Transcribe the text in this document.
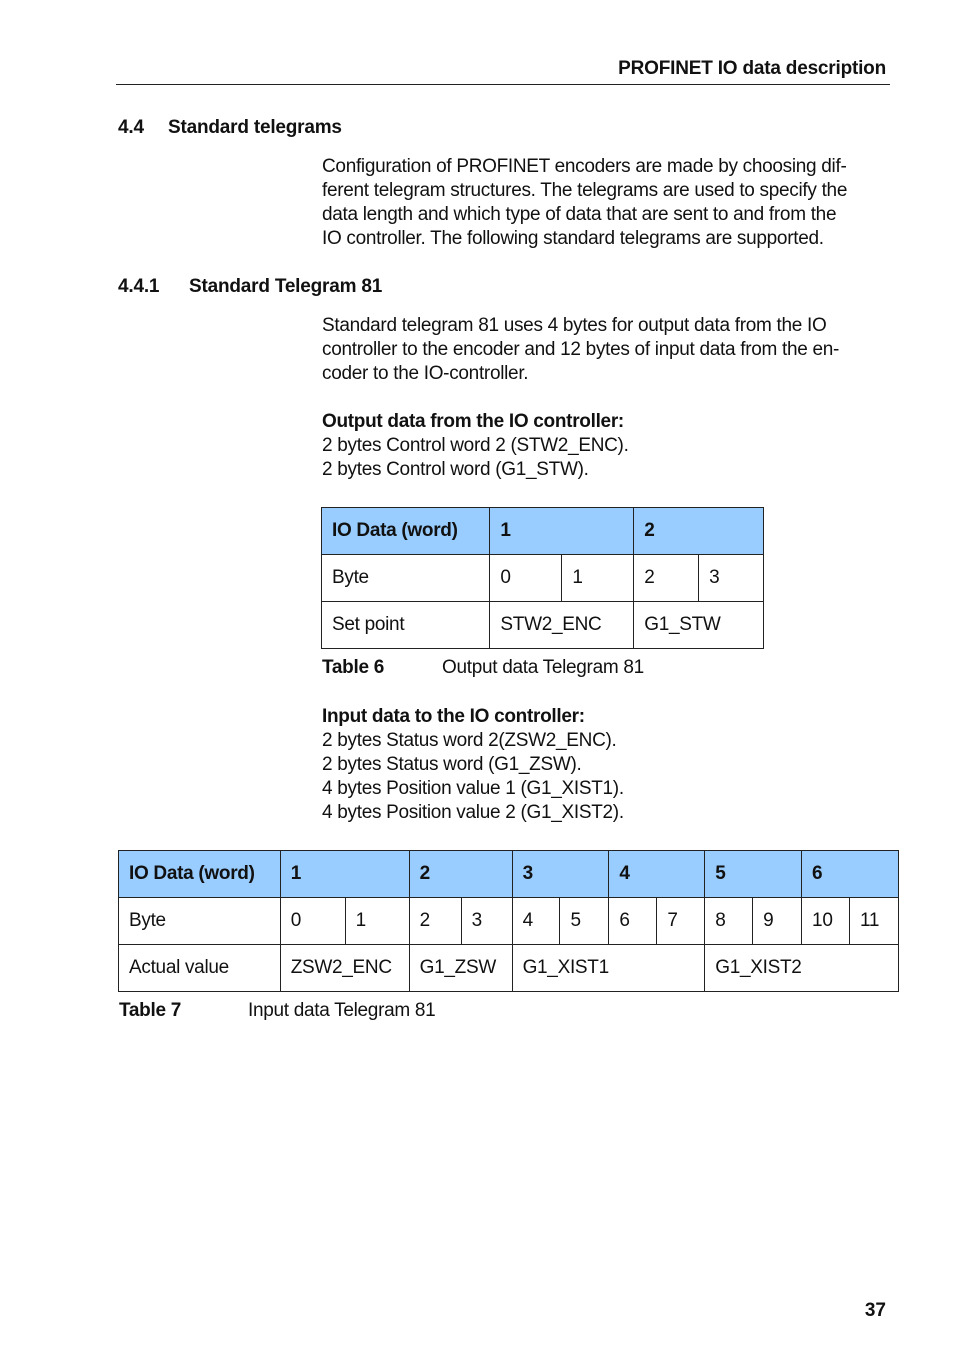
PROFINET IO data description
4.4 Standard telegrams

Configuration of PROFINET encoders are made by choosing dif-

ferent telegram structures. The telegrams are used to specify the

data length and which type of data that are sent to and from the

IO controller. The following standard telegrams are supported.

4.4.1 Standard Telegram 81

Standard telegram 81 uses 4 bytes for output data from the IO

controller to the encoder and 12 bytes of input data from the en-

coder to the IO-controller.

Output data from the IO controller:

2 bytes Control word 2 (STW2_ENC).

2 bytes Control word (G1_STW).

IO Data (word)	1		2	
Byte	0	1	2	3
Set point	STW2_ENC		G1_STW	
Table 6	Output data Telegram 81

Input data to the IO controller:

2 bytes Status word 2(ZSW2_ENC).

2 bytes Status word (G1_ZSW).

4 bytes Position value 1 (G1_XIST1).

4 bytes Position value 2 (G1_XIST2).

IO Data (word)	1		2		3		4		5		6	
Byte	0	1	2	3	4	5	6	7	8	9	10	11
Actual value	ZSW2_ENC		G1_ZSW		G1_XIST1				G1_XIST2			
Table 7	Input data Telegram 81
37
